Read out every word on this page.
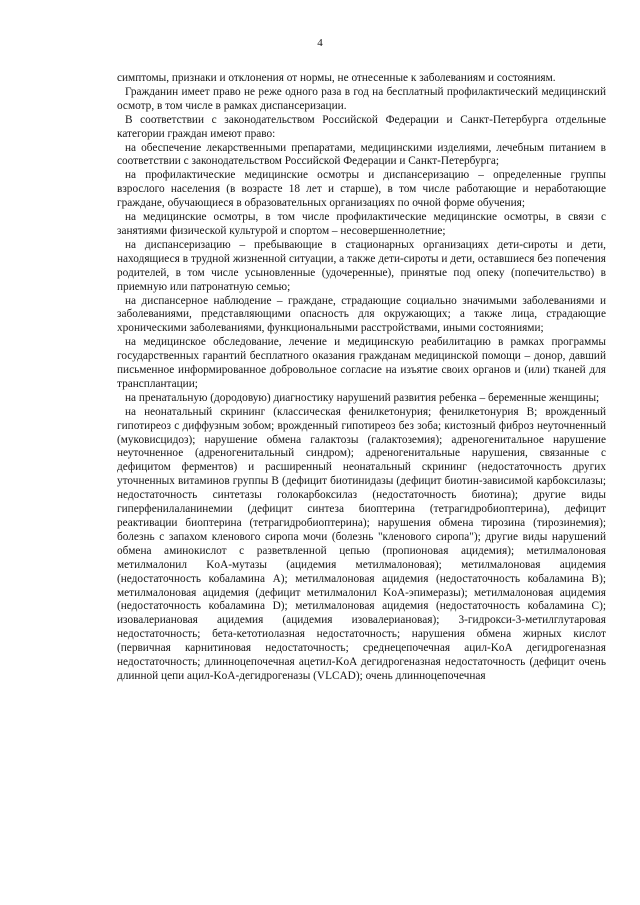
4

симптомы, признаки и отклонения от нормы, не отнесенные к заболеваниям и состояниям.

Гражданин имеет право не реже одного раза в год на бесплатный профилактический медицинский осмотр, в том числе в рамках диспансеризации.

В соответствии с законодательством Российской Федерации и Санкт-Петербурга отдельные категории граждан имеют право:

на обеспечение лекарственными препаратами, медицинскими изделиями, лечебным питанием в соответствии с законодательством Российской Федерации и Санкт-Петербурга;

на профилактические медицинские осмотры и диспансеризацию – определенные группы взрослого населения (в возрасте 18 лет и старше), в том числе работающие и неработающие граждане, обучающиеся в образовательных организациях по очной форме обучения;

на медицинские осмотры, в том числе профилактические медицинские осмотры, в связи с занятиями физической культурой и спортом – несовершеннолетние;

на диспансеризацию – пребывающие в стационарных организациях дети-сироты и дети, находящиеся в трудной жизненной ситуации, а также дети-сироты и дети, оставшиеся без попечения родителей, в том числе усыновленные (удочеренные), принятые под опеку (попечительство) в приемную или патронатную семью;

на диспансерное наблюдение – граждане, страдающие социально значимыми заболеваниями и заболеваниями, представляющими опасность для окружающих; а также лица, страдающие хроническими заболеваниями, функциональными расстройствами, иными состояниями;

на медицинское обследование, лечение и медицинскую реабилитацию в рамках программы государственных гарантий бесплатного оказания гражданам медицинской помощи – донор, давший письменное информированное добровольное согласие на изъятие своих органов и (или) тканей для трансплантации;

на пренатальную (дородовую) диагностику нарушений развития ребенка – беременные женщины;

на неонатальный скрининг (классическая фенилкетонурия; фенилкетонурия B; врожденный гипотиреоз с диффузным зобом; врожденный гипотиреоз без зоба; кистозный фиброз неуточненный (муковисцидоз); нарушение обмена галактозы (галактоземия); адреногенитальное нарушение неуточненное (адреногенитальный синдром); адреногенитальные нарушения, связанные с дефицитом ферментов) и расширенный неонатальный скрининг (недостаточность других уточненных витаминов группы B (дефицит биотинидазы (дефицит биотин-зависимой карбоксилазы; недостаточность синтетазы голокарбоксилаз (недостаточность биотина); другие виды гиперфенилаланинемии (дефицит синтеза биоптерина (тетрагидробиоптерина), дефицит реактивации биоптерина (тетрагидробиоптерина); нарушения обмена тирозина (тирозинемия); болезнь с запахом кленового сиропа мочи (болезнь "кленового сиропа"); другие виды нарушений обмена аминокислот с разветвленной цепью (пропионовая ацидемия); метилмалоновая метилмалонил KoA-мутазы (ацидемия метилмалоновая); метилмалоновая ацидемия (недостаточность кобаламина A); метилмалоновая ацидемия (недостаточность кобаламина B); метилмалоновая ацидемия (дефицит метилмалонил KoA-эпимеразы); метилмалоновая ацидемия (недостаточность кобаламина D); метилмалоновая ацидемия (недостаточность кобаламина C); изовалериановая ацидемия (ацидемия изовалериановая); 3-гидрокси-3-метилглутаровая недостаточность; бета-кетотиолазная недостаточность; нарушения обмена жирных кислот (первичная карнитиновая недостаточность; среднецепочечная ацил-KoA дегидрогеназная недостаточность; длинноцепочечная ацетил-KoA дегидрогеназная недостаточность (дефицит очень длинной цепи ацил-KoA-дегидрогеназы (VLCAD); очень длинноцепочечная
